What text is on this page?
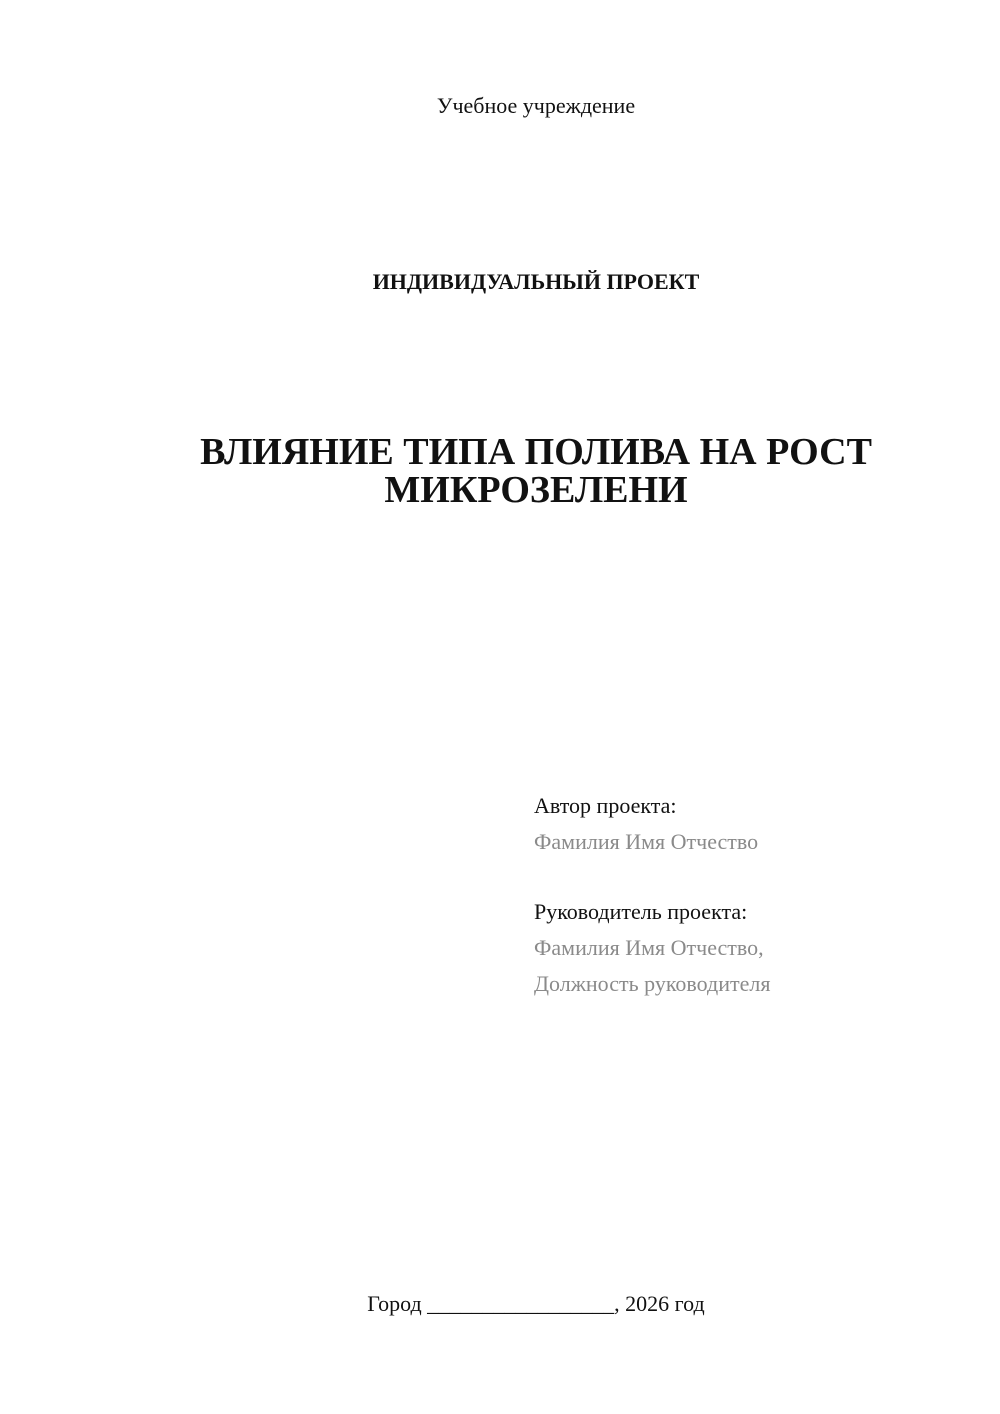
Учебное учреждение
ИНДИВИДУАЛЬНЫЙ ПРОЕКТ
ВЛИЯНИЕ ТИПА ПОЛИВА НА РОСТ
МИКРОЗЕЛЕНИ
Автор проекта:
Фамилия Имя Отчество
Руководитель проекта:
Фамилия Имя Отчество,
Должность руководителя
Город _________________, 2026 год
